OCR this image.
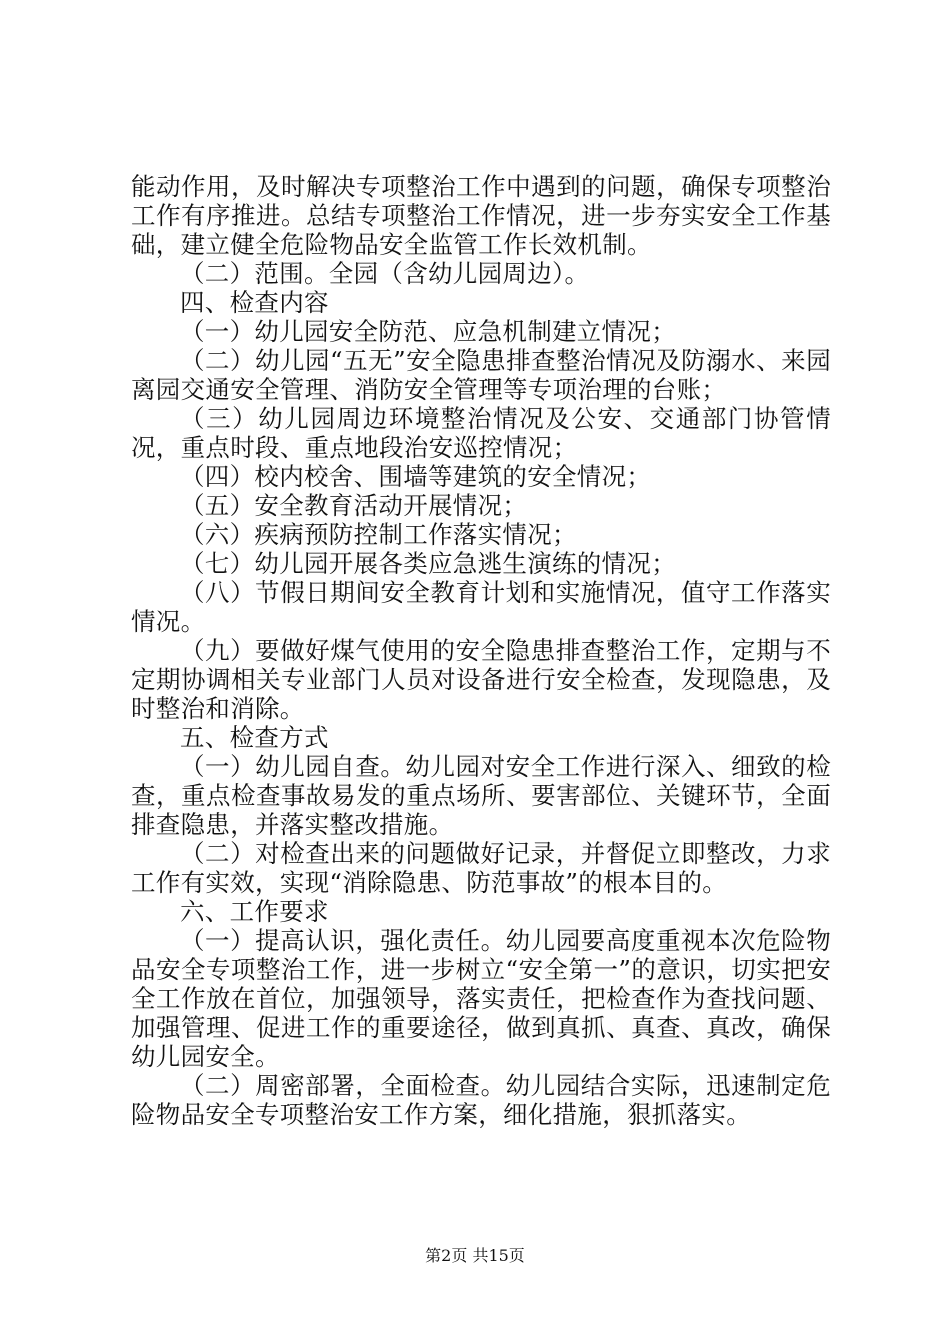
能动作用，及时解决专项整治工作中遇到的问题，确保专项整治工作有序推进。总结专项整治工作情况，进一步夯实安全工作基础，建立健全危险物品安全监管工作长效机制。

（二）范围。全园（含幼儿园周边）。

四、检查内容

（一）幼儿园安全防范、应急机制建立情况；

（二）幼儿园“五无”安全隐患排查整治情况及防溺水、来园离园交通安全管理、消防安全管理等专项治理的台账；

（三）幼儿园周边环境整治情况及公安、交通部门协管情况，重点时段、重点地段治安巡控情况；

（四）校内校舍、围墙等建筑的安全情况；

（五）安全教育活动开展情况；

（六）疾病预防控制工作落实情况；

（七）幼儿园开展各类应急逃生演练的情况；

（八）节假日期间安全教育计划和实施情况，值守工作落实情况。

（九）要做好煤气使用的安全隐患排查整治工作，定期与不定期协调相关专业部门人员对设备进行安全检查，发现隐患，及时整治和消除。

五、检查方式

（一）幼儿园自查。幼儿园对安全工作进行深入、细致的检查，重点检查事故易发的重点场所、要害部位、关键环节，全面排查隐患，并落实整改措施。

（二）对检查出来的问题做好记录，并督促立即整改，力求工作有实效，实现“消除隐患、防范事故”的根本目的。

六、工作要求

（一）提高认识，强化责任。幼儿园要高度重视本次危险物品安全专项整治工作，进一步树立“安全第一”的意识，切实把安全工作放在首位，加强领导，落实责任，把检查作为查找问题、加强管理、促进工作的重要途径，做到真抓、真查、真改，确保幼儿园安全。

（二）周密部署，全面检查。幼儿园结合实际，迅速制定危险物品安全专项整治安工作方案，细化措施，狠抓落实。

第2页 共15页
